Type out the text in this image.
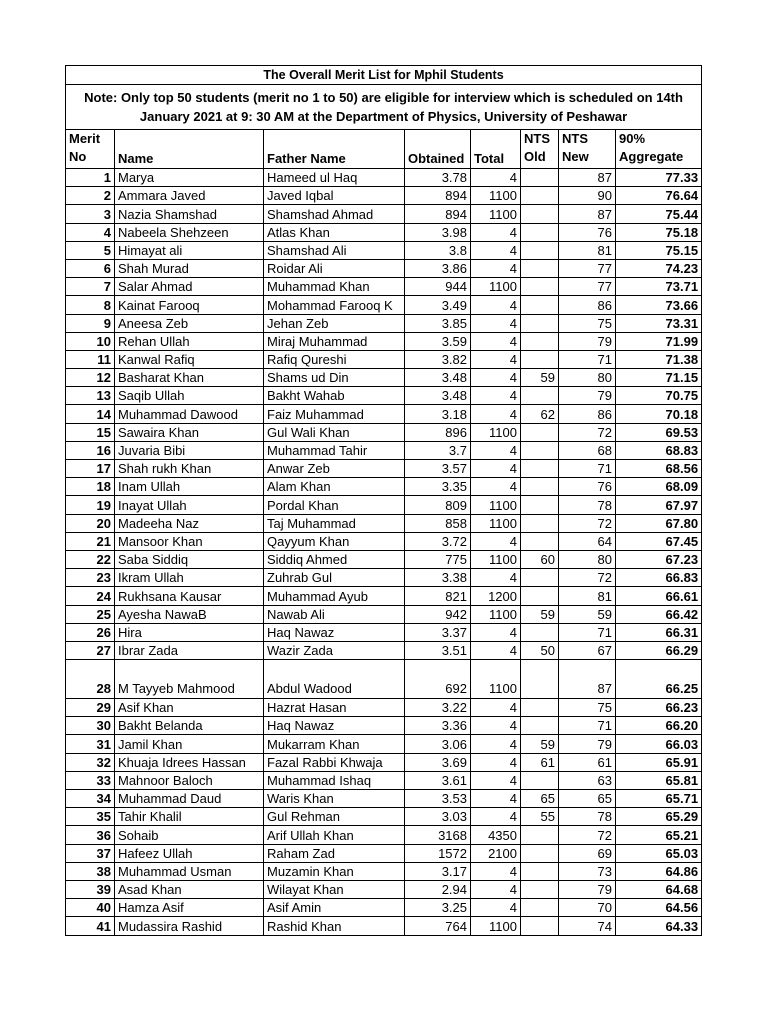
The Overall Merit List for Mphil Students							
Note: Only top 50 students (merit no 1 to 50) are eligible for interview which is scheduled on 14th January 2021 at 9: 30 AM at the Department of Physics, University of Peshawar							
Merit No	Name	Father Name	Obtained	Total	NTS Old	NTS New	90% Aggregate
1	Marya	Hameed ul Haq	3.78	4		87	77.33
2	Ammara Javed	Javed Iqbal	894	1100		90	76.64
3	Nazia Shamshad	Shamshad Ahmad	894	1100		87	75.44
4	Nabeela Shehzeen	Atlas Khan	3.98	4		76	75.18
5	Himayat ali	Shamshad Ali	3.8	4		81	75.15
6	Shah Murad	Roidar Ali	3.86	4		77	74.23
7	Salar Ahmad	Muhammad Khan	944	1100		77	73.71
8	Kainat Farooq	Mohammad Farooq K	3.49	4		86	73.66
9	Aneesa Zeb	Jehan Zeb	3.85	4		75	73.31
10	Rehan Ullah	Miraj Muhammad	3.59	4		79	71.99
11	Kanwal Rafiq	Rafiq Qureshi	3.82	4		71	71.38
12	Basharat Khan	Shams ud Din	3.48	4	59	80	71.15
13	Saqib Ullah	Bakht Wahab	3.48	4		79	70.75
14	Muhammad Dawood	Faiz Muhammad	3.18	4	62	86	70.18
15	Sawaira Khan	Gul Wali Khan	896	1100		72	69.53
16	Juvaria Bibi	Muhammad Tahir	3.7	4		68	68.83
17	Shah rukh Khan	Anwar Zeb	3.57	4		71	68.56
18	Inam Ullah	Alam Khan	3.35	4		76	68.09
19	Inayat Ullah	Pordal Khan	809	1100		78	67.97
20	Madeeha Naz	Taj Muhammad	858	1100		72	67.80
21	Mansoor Khan	Qayyum Khan	3.72	4		64	67.45
22	Saba Siddiq	Siddiq Ahmed	775	1100	60	80	67.23
23	Ikram Ullah	Zuhrab Gul	3.38	4		72	66.83
24	Rukhsana Kausar	Muhammad Ayub	821	1200		81	66.61
25	Ayesha NawaB	Nawab Ali	942	1100	59	59	66.42
26	Hira	Haq Nawaz	3.37	4		71	66.31
27	Ibrar Zada	Wazir Zada	3.51	4	50	67	66.29
28	M Tayyeb Mahmood	Abdul Wadood	692	1100		87	66.25
29	Asif Khan	Hazrat Hasan	3.22	4		75	66.23
30	Bakht Belanda	Haq Nawaz	3.36	4		71	66.20
31	Jamil Khan	Mukarram Khan	3.06	4	59	79	66.03
32	Khuaja Idrees Hassan	Fazal Rabbi Khwaja	3.69	4	61	61	65.91
33	Mahnoor Baloch	Muhammad Ishaq	3.61	4		63	65.81
34	Muhammad Daud	Waris Khan	3.53	4	65	65	65.71
35	Tahir Khalil	Gul Rehman	3.03	4	55	78	65.29
36	Sohaib	Arif Ullah Khan	3168	4350		72	65.21
37	Hafeez Ullah	Raham Zad	1572	2100		69	65.03
38	Muhammad Usman	Muzamin Khan	3.17	4		73	64.86
39	Asad Khan	Wilayat Khan	2.94	4		79	64.68
40	Hamza Asif	Asif Amin	3.25	4		70	64.56
41	Mudassira Rashid	Rashid Khan	764	1100		74	64.33
